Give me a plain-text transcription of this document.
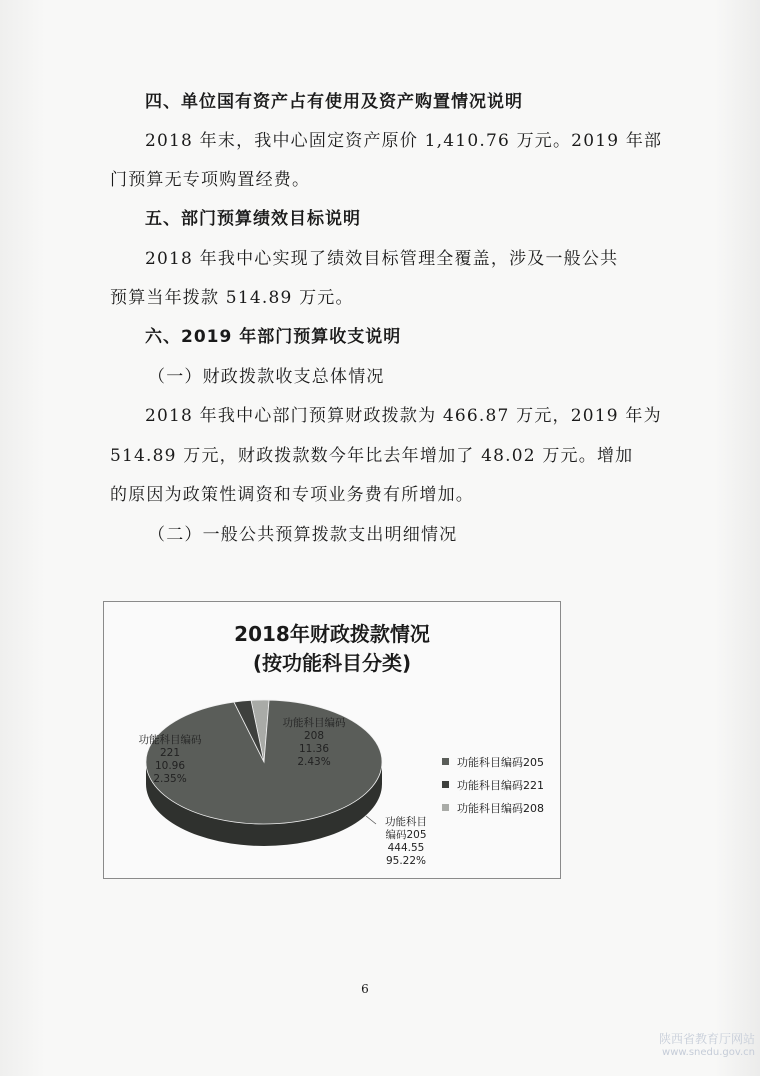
四、单位国有资产占有使用及资产购置情况说明
2018 年末，我中心固定资产原价 1,410.76 万元。2019 年部
门预算无专项购置经费。
五、部门预算绩效目标说明
2018 年我中心实现了绩效目标管理全覆盖，涉及一般公共
预算当年拨款 514.89 万元。
六、2019 年部门预算收支说明
（一）财政拨款收支总体情况
2018 年我中心部门预算财政拨款为 466.87 万元，2019 年为
514.89 万元，财政拨款数今年比去年增加了 48.02 万元。增加
的原因为政策性调资和专项业务费有所增加。
（二）一般公共预算拨款支出明细情况
2018年财政拨款情况
(按功能科目分类)
功能科目编码
221
10.96
2.35%
功能科目编码
208
11.36
2.43%
功能科目
编码205
444.55
95.22%
功能科目编码205
功能科目编码221
功能科目编码208
6
陕西省教育厅网站
www.snedu.gov.cn
